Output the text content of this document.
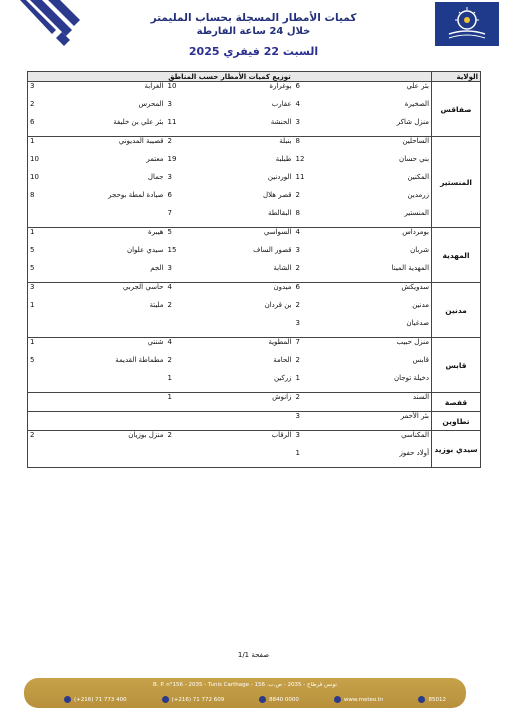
كميات الأمطار المسجلة بحساب المليمتر
خلال 24 ساعة الفارطة
السبت 22 فيفري 2025
توزيع كميات الأمطار حسب المناطق						الولاية
3	الغرابة	10	بوغرارة	6	بئر علي	صفاقس
2	المحرس	3	عقارب	4	الصخيرة	
6	بئر علي بن خليفة	11	الحنشة	3	منزل شاكر	
1	قصيبة المديوني	2	بنبلة	8	الساحلين	المنستير
10	معتمر	19	طبلبة	12	بني حسان	
10	جمال	3	الوردنين	11	المكنين	
8	صيادة لمطة بوحجر	6	قصر هلال	2	زرمدين	
		7	البقالطة	8	المنستير	
1	هيبرة	5	السواسي	4	بومرداس	المهدية
5	سيدي علوان	15	قصور الساف	3	شربان	
5	الجم	3	الشابة	2	المهدية المينا	
3	حاسي الجربي	4	ميدون	6	سدويكش	مدنين
1	مليتة	2	بن قردان	2	مدنين	
				3	صدغيان	
1	شنني	4	المطوية	7	منزل حبيب	قابس
5	مطماطة القديمة	2	الحامة	2	قابس	
		1	زركين	1	دخيلة توجان	
		1	زانوش	2	السند	قفصة
				3	بئر الأحمر	تطاوين
2	منزل بوزيان	2	الرقاب	3	المكناسي	سيدي بوزيد
				1	أولاد حفوز	
صفحة 1/1
B. P. n°156 - 2035 - Tunis Carthage - تونس قرطاج - 2035 - ص.ب. 156
(+216) 71 773 400	(+216) 71 772 609	8840 0000	www.meteo.tn	85012
